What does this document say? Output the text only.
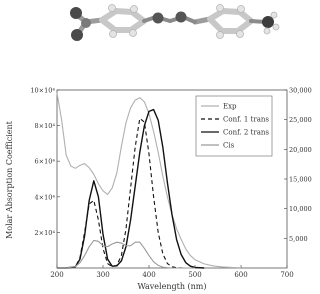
200	300	400	500	600	700
2×10⁴
4×10⁴
6×10⁴
8×10⁴
10×10⁴
5,000
10,000
15,000
20,000
25,000
30,000
Wavelength (nm)
Molar Absorption Coefficient
Exp
Conf. 1 trans
Conf. 2 trans
Cis
